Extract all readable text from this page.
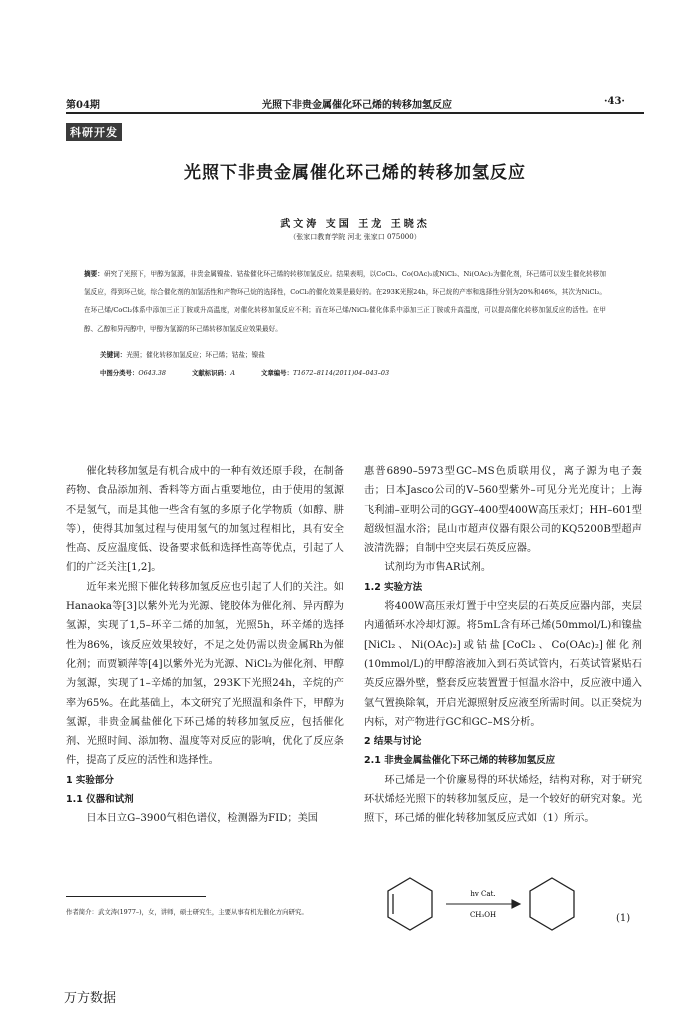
第04期	光照下非贵金属催化环己烯的转移加氢反应	·43·
科研开发
光照下非贵金属催化环己烯的转移加氢反应
武文涛 支国 王龙 王晓杰
（张家口教育学院 河北 张家口 075000）
摘要：研究了光照下，甲醇为氢源，非贵金属镍盐、钴盐催化环己烯的转移加氢反应。结果表明，以CoCl₂、Co(OAc)₂或NiCl₂、Ni(OAc)₂为催化剂，环己烯可以发生催化转移加氢反应，得到环己烷，综合催化剂的加氢活性和产物环己烷的选择性，CoCl₂的催化效果是最好的。在293K光照24h，环己烷的产率和选择性分别为20%和46%，其次为NiCl₂。在环己烯/CoCl₂体系中添加三正丁胺或升高温度，对催化转移加氢反应不利；而在环己烯/NiCl₂催化体系中添加三正丁胺或升高温度，可以提高催化转移加氢反应的活性。在甲醇、乙醇和异丙醇中，甲醇为氢源的环己烯转移加氢反应效果最好。
关键词：光照；催化转移加氢反应；环己烯；钴盐；镍盐
中图分类号：O643.38	文献标识码：A	文章编号：T1672–8114(2011)04–043–03

催化转移加氢是有机合成中的一种有效还原手段，在制备药物、食品添加剂、香料等方面占重要地位，由于使用的氢源不是氢气，而是其他一些含有氢的多原子化学物质（如醇、肼等），使得其加氢过程与使用氢气的加氢过程相比，具有安全性高、反应温度低、设备要求低和选择性高等优点，引起了人们的广泛关注[1,2]。

近年来光照下催化转移加氢反应也引起了人们的关注。如Hanaoka等[3]以紫外光为光源、铑胶体为催化剂、异丙醇为氢源，实现了1,5–环辛二烯的加氢，光照5h，环辛烯的选择性为86%，该反应效果较好，不足之处仍需以贵金属Rh为催化剂；而贾颖萍等[4]以紫外光为光源、NiCl₂为催化剂、甲醇为氢源，实现了1–辛烯的加氢，293K下光照24h，辛烷的产率为65%。在此基础上，本文研究了光照温和条件下，甲醇为氢源，非贵金属盐催化下环己烯的转移加氢反应，包括催化剂、光照时间、添加物、温度等对反应的影响，优化了反应条件，提高了反应的活性和选择性。

1 实验部分

1.1 仪器和试剂

日本日立G–3900气相色谱仪，检测器为FID；美国

惠普6890–5973型GC–MS色质联用仪，离子源为电子轰击；日本Jasco公司的V–560型紫外–可见分光光度计；上海飞利浦–亚明公司的GGY–400型400W高压汞灯；HH–601型超级恒温水浴；昆山市超声仪器有限公司的KQ5200B型超声波清洗器；自制中空夹层石英反应器。

试剂均为市售AR试剂。

1.2 实验方法

将400W高压汞灯置于中空夹层的石英反应器内部，夹层内通循环水冷却灯源。将5mL含有环己烯(50mmol/L)和镍盐[NiCl₂、Ni(OAc)₂]或钴盐[CoCl₂、Co(OAc)₂]催化剂(10mmol/L)的甲醇溶液加入到石英试管内，石英试管紧贴石英反应器外壁，整套反应装置置于恒温水浴中，反应液中通入氩气置换除氧，开启光源照射反应液至所需时间。以正癸烷为内标，对产物进行GC和GC–MS分析。

2 结果与讨论

2.1 非贵金属盐催化下环己烯的转移加氢反应

环己烯是一个价廉易得的环状烯烃，结构对称，对于研究环状烯烃光照下的转移加氢反应，是一个较好的研究对象。光照下，环己烯的催化转移加氢反应式如（1）所示。

hv Cat.
CH₃OH	(1)
作者简介：武文涛(1977–)，女，讲师，硕士研究生，主要从事有机光催化方向研究。
万方数据
